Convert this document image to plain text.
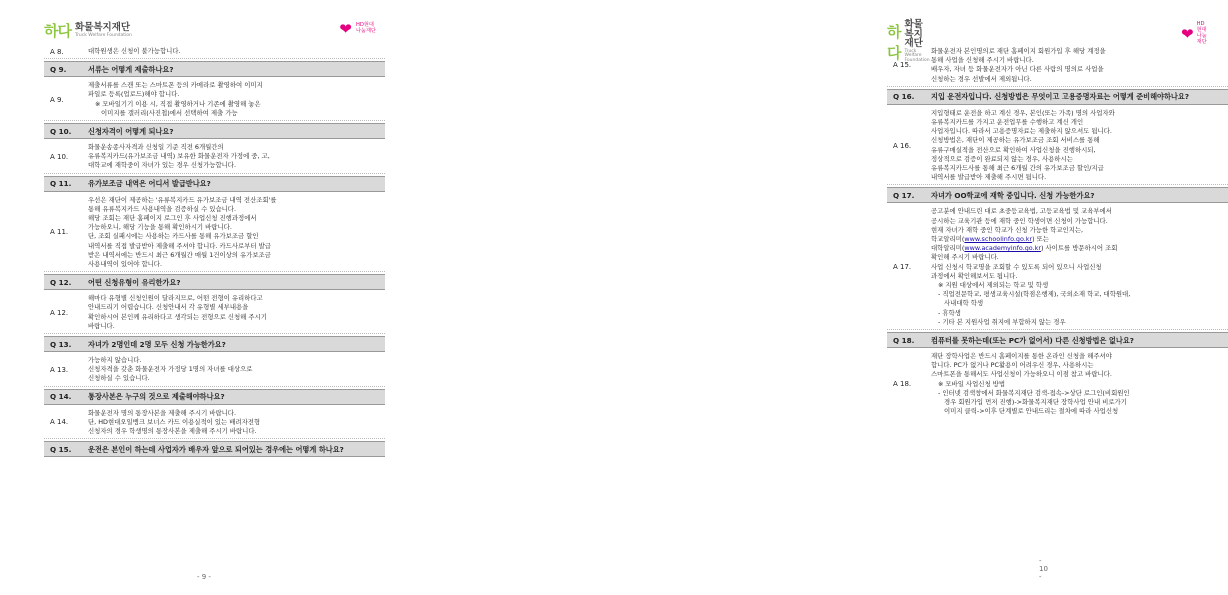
하다 화물복지재단
Truck Welfare Foundation	❤ HD현대
나눔재단
A 8.	대학원생은 신청이 불가능합니다.

Q 9.	서류는 어떻게 제출하나요?
A 9.

제출서류를 스캔 또는 스마트폰 등의 카메라로 촬영하여 이미지

파일로 등록(업로드)해야 합니다.

※ 모바일기기 이용 시, 직접 촬영하거나 기존에 촬영해 놓은

이미지를 갤러리(사진첩)에서 선택하여 제출 가능

Q 10.	신청자격이 어떻게 되나요?
A 10.

화물운송종사자격과 신청일 기준 직전 6개월간의

유류복지카드(유가보조금 내역) 보유한 화물운전자 가정에 중, 고,

대학교에 재학중이 자녀가 있는 경우 신청가능합니다.

Q 11.	유가보조금 내역은 어디서 발급받나요?
A 11.

우선은 재단이 제공하는 '유류복지카드 유가보조금 내역 전산조회'를

통해 유류복지카드 사용내역을 검증하실 수 있습니다.

해당 조회는 재단 홈페이지 로그인 후 사업신청 진행과정에서

가능하오니, 해당 기능을 통해 확인하시기 바랍니다.

단, 조회 실패시에는 사용하는 카드사를 통해 유가보조금 할인

내역서를 직접 발급받아 제출해 주셔야 합니다. 카드사로부터 발급

받은 내역서에는 반드시 최근 6개월간 매월 1건이상의 유가보조금

사용내역이 있어야 합니다.

Q 12.	어떤 신청유형이 유리한가요?
A 12.

해마다 유형별 신청인원이 달라지므로, 어떤 전형이 유리하다고

안내드리기 어렵습니다. 신청안내서 각 유형별 세부내용을

확인하시어 본인께 유리하다고 생각되는 전형으로 신청해 주시기

바랍니다.

Q 13.	자녀가 2명인데 2명 모두 신청 가능한가요?
A 13.

가능하지 않습니다.

신청자격을 갖춘 화물운전자 가정당 1명의 자녀를 대상으로

신청하실 수 있습니다.

Q 14.	통장사본은 누구의 것으로 제출해야하나요?
A 14.

화물운전자 명의 통장사본을 제출해 주시기 바랍니다.

단, HD현대오일뱅크 보너스 카드 이용실적이 있는 배려자전형

신청자의 경우 학생명의 통장사본을 제출해 주시기 바랍니다.

Q 15.	운전은 본인이 하는데 사업자가 배우자 앞으로 되어있는 경우에는 어떻게 하나요?
- 9 -
하다
화물복지재단
Truck Welfare Foundation
❤
HD현대
나눔재단
A 15.

화물운전자 본인명의로 재단 홈페이지 회원가입 후 해당 계정을

통해 사업을 신청해 주시기 바랍니다.

배우자, 자녀 등 화물운전자가 아닌 다른 사람의 명의로 사업을

신청하는 경우 선발에서 제외됩니다.

Q 16.	지입 운전자입니다. 신청방법은 무엇이고 고용증명자료는 어떻게 준비해야하나요?
A 16.

지입형태로 운전을 하고 계신 경우, 본인(또는 가족) 명의 사업자와

유류복지카드를 가지고 운전업무를 수행하고 계신 개인

사업자입니다. 따라서 고용증명자료는 제출하지 않으셔도 됩니다.

신청방법은, 재단이 제공하는 유가보조금 조회 서비스를 통해

유류구매실적을 전산으로 확인하여 사업신청을 진행하시되,

정상적으로 검증이 완료되지 않는 경우, 사용하시는

유류복지카드사를 통해 최근 6개월 간의 유가보조금 할인/지급

내역서를 발급받아 제출해 주시면 됩니다.

Q 17.	자녀가 OO학교에 재학 중입니다. 신청 가능한가요?
A 17.

공고분에 안내드린 대로 초중등교육법, 고등교육법 및 교육부에서

공시하는 교육기관 등에 재학 중인 학생이면 신청이 가능합니다.

현재 자녀가 재학 중인 학교가 신청 가능한 학교인지는,

학교알리미(www.schoolinfo.go.kr) 또는

대학알리미(www.academyinfo.go.kr) 사이트를 방문하시어 조회

확인해 주시기 바랍니다.

사업 신청시 학교명을 조회할 수 있도록 되어 있으니 사업신청

과정에서 확인해보셔도 됩니다.

※ 지원 대상에서 제외되는 학교 및 학생

- 직업전문학교, 평생교육시설(학점은행제), 국외소재 학교, 대학원대,

사내대학 학생

- 휴학생

- 기타 본 지원사업 취지에 부합하지 않는 경우

Q 18.	컴퓨터를 못하는데(또는 PC가 없어서) 다른 신청방법은 없나요?
A 18.

재단 장학사업은 반드시 홈페이지를 통한 온라인 신청을 해주셔야

합니다. PC가 없거나 PC활용이 어려우신 경우, 사용하시는

스마트폰을 통해서도 사업신청이 가능하오니 이점 참고 바랍니다.

※ 모바일 사업신청 방법

- 인터넷 검색창에서 화물복지재단 검색-접속->상단 로그인(비회원인

경우 회원가입 먼저 진행)->화물복지재단 장학사업 안내 비로가기

이미지 클릭->이후 단계별로 안내드리는 절차에 따라 사업신청

- 10 -
